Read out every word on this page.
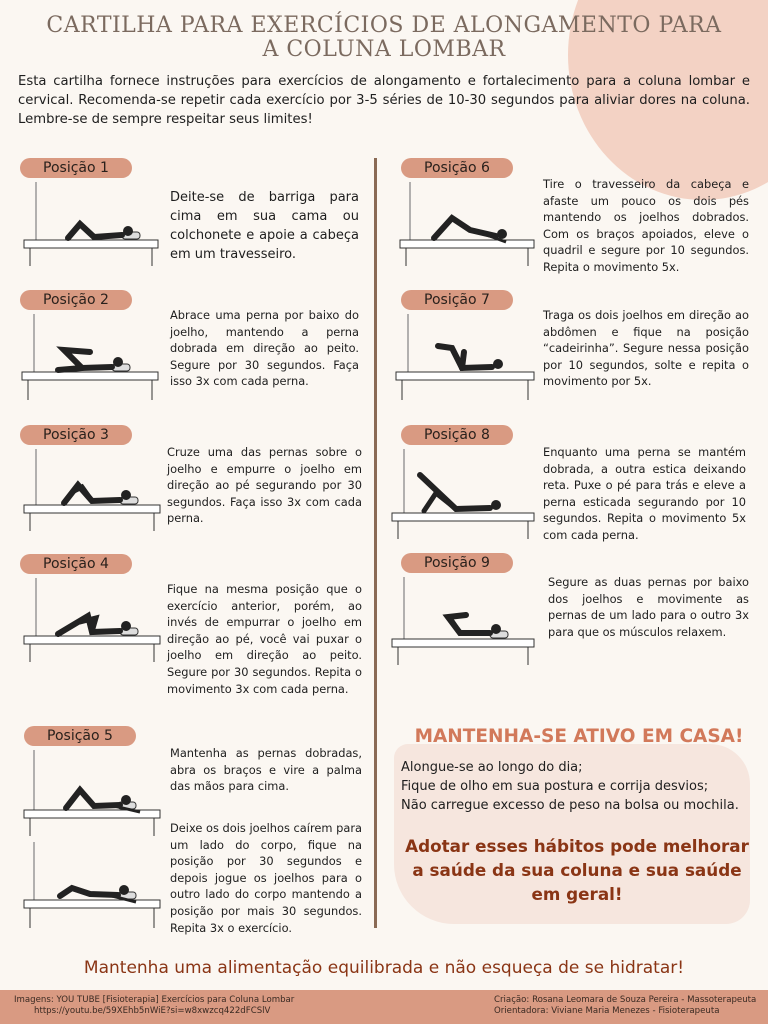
CARTILHA PARA EXERCÍCIOS DE ALONGAMENTO PARA
A COLUNA LOMBAR

Esta cartilha fornece instruções para exercícios de alongamento e fortalecimento para a coluna lombar e cervical. Recomenda-se repetir cada exercício por 3-5 séries de 10-30 segundos para aliviar dores na coluna. Lembre-se de sempre respeitar seus limites!

Posição 1

Deite-se de barriga para cima em sua cama ou colchonete e apoie a cabeça em um travesseiro.

Posição 2

Abrace uma perna por baixo do joelho, mantendo a perna dobrada em direção ao peito. Segure por 30 segundos. Faça isso 3x com cada perna.

Posição 3

Cruze uma das pernas sobre o joelho e empurre o joelho em direção ao pé segurando por 30 segundos. Faça isso 3x com cada perna.

Posição 4

Fique na mesma posição que o exercício anterior, porém, ao invés de empurrar o joelho em direção ao pé, você vai puxar o joelho em direção ao peito. Segure por 30 segundos. Repita o movimento 3x com cada perna.

Posição 5

Mantenha as pernas dobradas, abra os braços e vire a palma das mãos para cima.

Deixe os dois joelhos caírem para um lado do corpo, fique na posição por 30 segundos e depois jogue os joelhos para o outro lado do corpo mantendo a posição por mais 30 segundos. Repita 3x o exercício.

Posição 6

Tire o travesseiro da cabeça e afaste um pouco os dois pés mantendo os joelhos dobrados. Com os braços apoiados, eleve o quadril e segure por 10 segundos. Repita o movimento 5x.

Posição 7

Traga os dois joelhos em direção ao abdômen e fique na posição “cadeirinha”. Segure nessa posição por 10 segundos, solte e repita o movimento por 5x.

Posição 8

Enquanto uma perna se mantém dobrada, a outra estica deixando reta. Puxe o pé para trás e eleve a perna esticada segurando por 10 segundos. Repita o movimento 5x com cada perna.

Posição 9

Segure as duas pernas por baixo dos joelhos e movimente as pernas de um lado para o outro 3x para que os músculos relaxem.

MANTENHA-SE ATIVO EM CASA!
Alongue-se ao longo do dia;
Fique de olho em sua postura e corrija desvios;
Não carregue excesso de peso na bolsa ou mochila.

Adotar esses hábitos pode melhorar a saúde da sua coluna e sua saúde em geral!

Mantenha uma alimentação equilibrada e não esqueça de se hidratar!

Imagens: YOU TUBE [Fisioterapia] Exercícios para Coluna Lombar
https://youtu.be/59XEhb5nWiE?si=w8xwzcq422dFCSlV
Criação: Rosana Leomara de Souza Pereira - Massoterapeuta
Orientadora: Viviane Maria Menezes - Fisioterapeuta
